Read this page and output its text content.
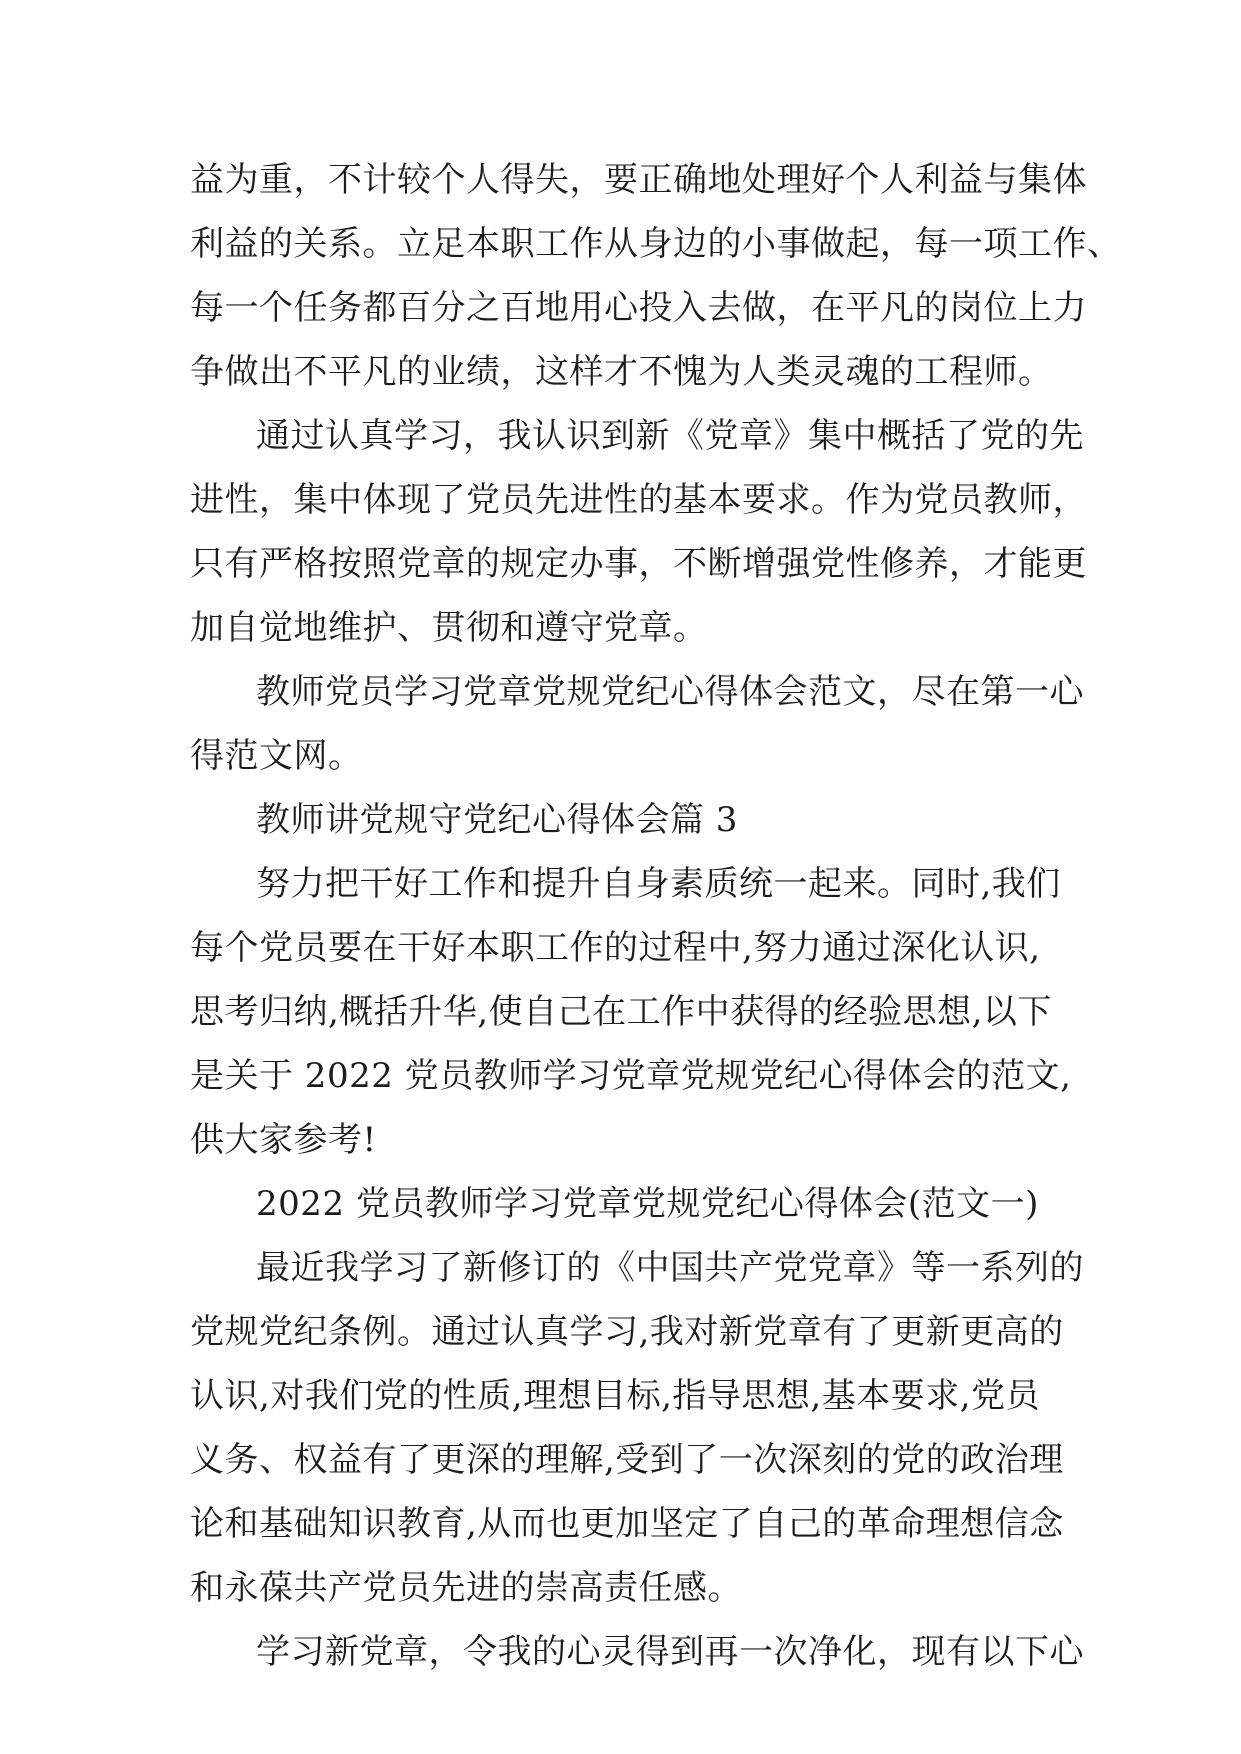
益为重，不计较个人得失，要正确地处理好个人利益与集体
利益的关系。立足本职工作从身边的小事做起，每一项工作、
每一个任务都百分之百地用心投入去做，在平凡的岗位上力
争做出不平凡的业绩，这样才不愧为人类灵魂的工程师。
通过认真学习，我认识到新《党章》集中概括了党的先
进性，集中体现了党员先进性的基本要求。作为党员教师，
只有严格按照党章的规定办事，不断增强党性修养，才能更
加自觉地维护、贯彻和遵守党章。
教师党员学习党章党规党纪心得体会范文，尽在第一心
得范文网。
教师讲党规守党纪心得体会篇 3
努力把干好工作和提升自身素质统一起来。同时,我们
每个党员要在干好本职工作的过程中,努力通过深化认识,
思考归纳,概括升华,使自己在工作中获得的经验思想,以下
是关于 2022 党员教师学习党章党规党纪心得体会的范文,
供大家参考!
2022 党员教师学习党章党规党纪心得体会(范文一)
最近我学习了新修订的《中国共产党党章》等一系列的
党规党纪条例。通过认真学习,我对新党章有了更新更高的
认识,对我们党的性质,理想目标,指导思想,基本要求,党员
义务、权益有了更深的理解,受到了一次深刻的党的政治理
论和基础知识教育,从而也更加坚定了自己的革命理想信念
和永葆共产党员先进的崇高责任感。
学习新党章，令我的心灵得到再一次净化，现有以下心
